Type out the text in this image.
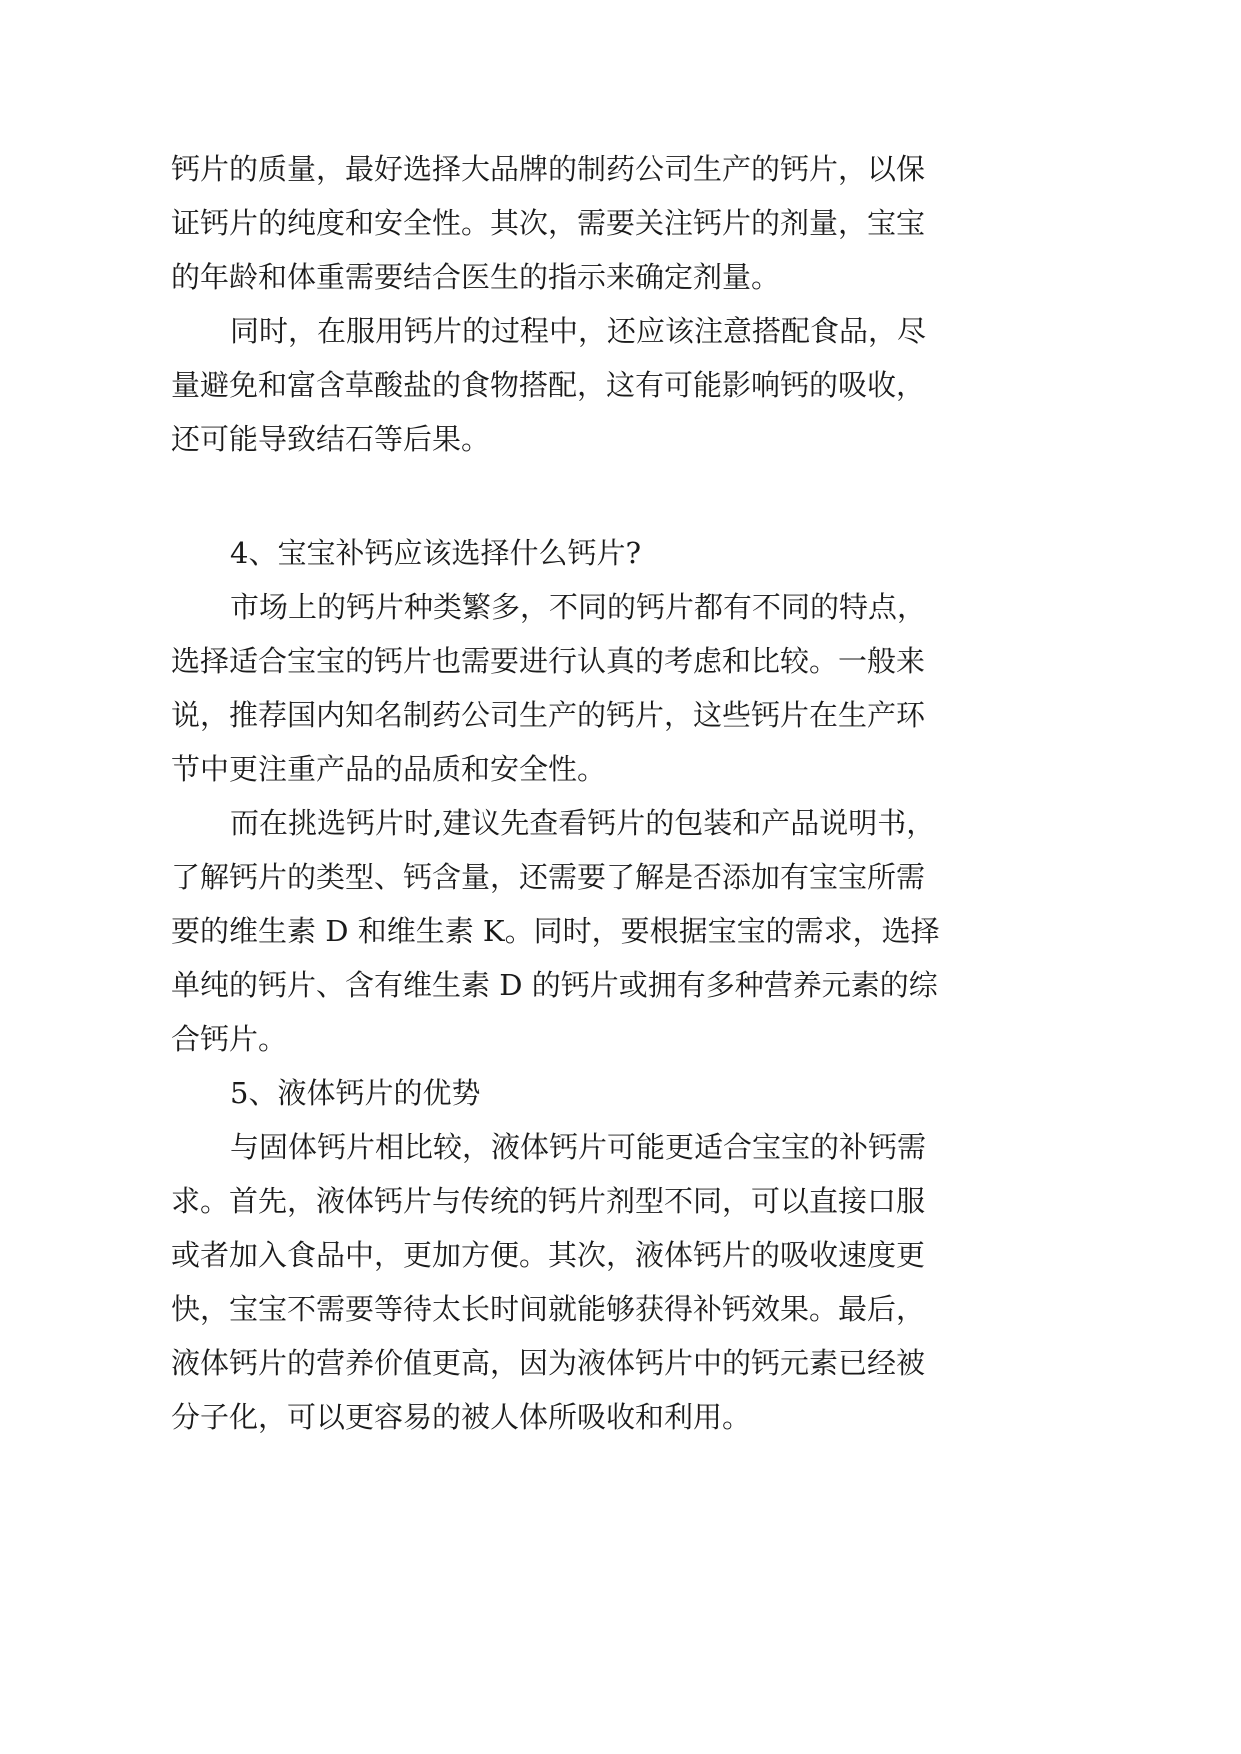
钙片的质量，最好选择大品牌的制药公司生产的钙片，以保
证钙片的纯度和安全性。其次，需要关注钙片的剂量，宝宝
的年龄和体重需要结合医生的指示来确定剂量。
同时，在服用钙片的过程中，还应该注意搭配食品，尽
量避免和富含草酸盐的食物搭配，这有可能影响钙的吸收，
还可能导致结石等后果。
4、宝宝补钙应该选择什么钙片?
市场上的钙片种类繁多，不同的钙片都有不同的特点，
选择适合宝宝的钙片也需要进行认真的考虑和比较。一般来
说，推荐国内知名制药公司生产的钙片，这些钙片在生产环
节中更注重产品的品质和安全性。
而在挑选钙片时,建议先查看钙片的包装和产品说明书，
了解钙片的类型、钙含量，还需要了解是否添加有宝宝所需
要的维生素 D 和维生素 K。同时，要根据宝宝的需求，选择
单纯的钙片、含有维生素 D 的钙片或拥有多种营养元素的综
合钙片。
5、液体钙片的优势
与固体钙片相比较，液体钙片可能更适合宝宝的补钙需
求。首先，液体钙片与传统的钙片剂型不同，可以直接口服
或者加入食品中，更加方便。其次，液体钙片的吸收速度更
快，宝宝不需要等待太长时间就能够获得补钙效果。最后，
液体钙片的营养价值更高，因为液体钙片中的钙元素已经被
分子化，可以更容易的被人体所吸收和利用。
